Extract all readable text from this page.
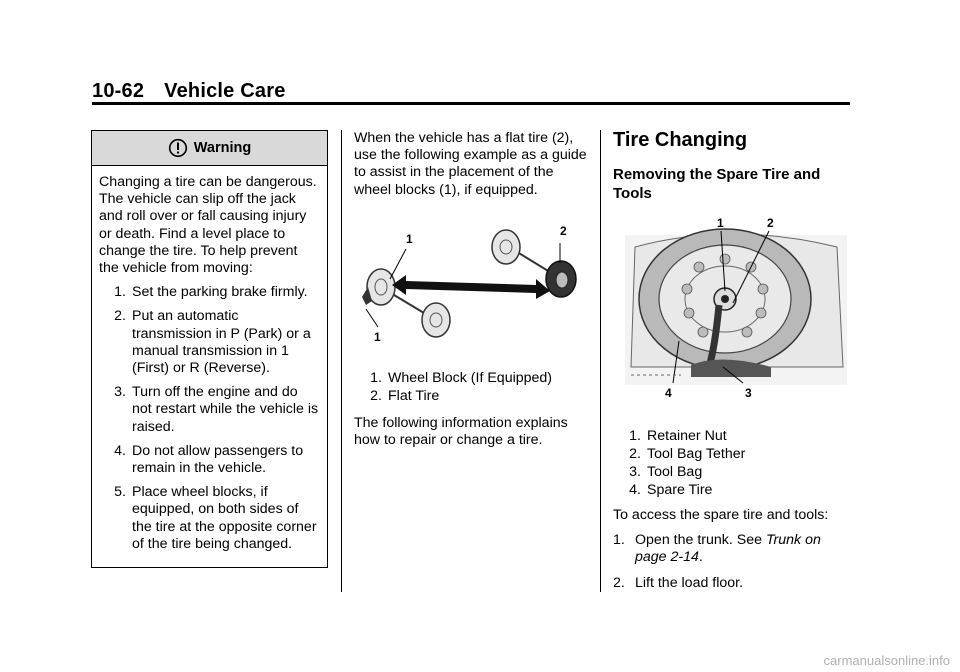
10-62 Vehicle Care
Warning

Changing a tire can be dangerous. The vehicle can slip off the jack and roll over or fall causing injury or death. Find a level place to change the tire. To help prevent the vehicle from moving:

1. Set the parking brake firmly.
2. Put an automatic transmission in P (Park) or a manual transmission in 1 (First) or R (Reverse).
3. Turn off the engine and do not restart while the vehicle is raised.
4. Do not allow passengers to remain in the vehicle.
5. Place wheel blocks, if equipped, on both sides of the tire at the opposite corner of the tire being changed.

When the vehicle has a flat tire (2), use the following example as a guide to assist in the placement of the wheel blocks (1), if equipped.

1
2
1
1. Wheel Block (If Equipped)
2. Flat Tire

The following information explains how to repair or change a tire.

Tire Changing
Removing the Spare Tire and Tools
1	2
4	3
1. Retainer Nut
2. Tool Bag Tether
3. Tool Bag
4. Spare Tire

To access the spare tire and tools:

1. Open the trunk. See Trunk on page 2-14.
2. Lift the load floor.
carmanualsonline.info
